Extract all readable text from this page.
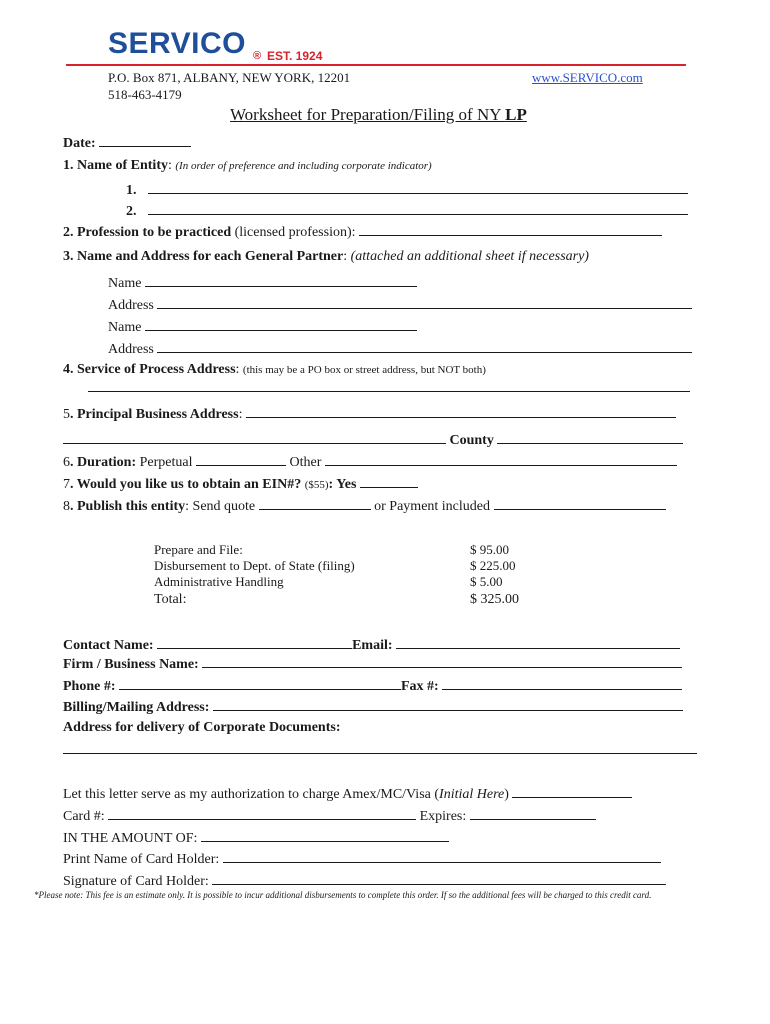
SERVICO ® EST. 1924
P.O. Box 871, ALBANY, NEW YORK, 12201
518-463-4179
www.SERVICO.com
Worksheet for Preparation/Filing of NY LP
Date:
1. Name of Entity: (In order of preference and including corporate indicator)
1.
2.
2. Profession to be practiced (licensed profession):
3. Name and Address for each General Partner: (attached an additional sheet if necessary)
Name
Address
Name
Address
4. Service of Process Address: (this may be a PO box or street address, but NOT both)
5. Principal Business Address:
County
6. Duration: Perpetual	Other
7. Would you like us to obtain an EIN#? ($55): Yes
8. Publish this entity: Send quote	or Payment included
Prepare and File:	$ 95.00
Disbursement to Dept. of State (filing)	$ 225.00
Administrative Handling	$ 5.00
Total:	$ 325.00
Contact Name:	Email:
Firm / Business Name:
Phone #:	Fax #:
Billing/Mailing Address:
Address for delivery of Corporate Documents:
Let this letter serve as my authorization to charge Amex/MC/Visa (Initial Here)
Card #:	Expires:
IN THE AMOUNT OF:
Print Name of Card Holder:
Signature of Card Holder:
*Please note: This fee is an estimate only. It is possible to incur additional disbursements to complete this order. If so the additional fees will be charged to this credit card.
